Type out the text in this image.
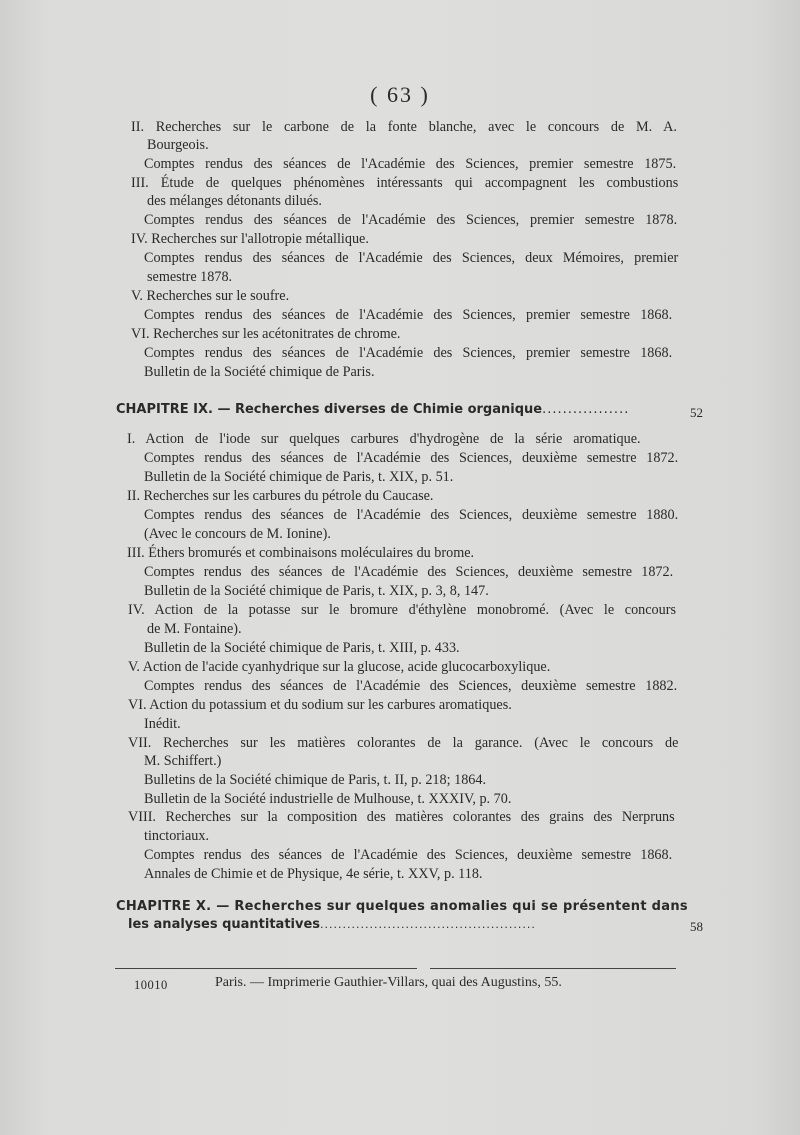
( 63 )
II. Recherches sur le carbone de la fonte blanche, avec le concours de M. A.
Bourgeois.
Comptes rendus des séances de l'Académie des Sciences, premier semestre 1875.
III. Étude de quelques phénomènes intéressants qui accompagnent les combustions
des mélanges détonants dilués.
Comptes rendus des séances de l'Académie des Sciences, premier semestre 1878.
IV. Recherches sur l'allotropie métallique.
Comptes rendus des séances de l'Académie des Sciences, deux Mémoires, premier
semestre 1878.
V. Recherches sur le soufre.
Comptes rendus des séances de l'Académie des Sciences, premier semestre 1868.
VI. Recherches sur les acétonitrates de chrome.
Comptes rendus des séances de l'Académie des Sciences, premier semestre 1868.
Bulletin de la Société chimique de Paris.
I. Action de l'iode sur quelques carbures d'hydrogène de la série aromatique.
Comptes rendus des séances de l'Académie des Sciences, deuxième semestre 1872.
Bulletin de la Société chimique de Paris, t. XIX, p. 51.
II. Recherches sur les carbures du pétrole du Caucase.
Comptes rendus des séances de l'Académie des Sciences, deuxième semestre 1880.
(Avec le concours de M. Ionine).
III. Éthers bromurés et combinaisons moléculaires du brome.
Comptes rendus des séances de l'Académie des Sciences, deuxième semestre 1872.
Bulletin de la Société chimique de Paris, t. XIX, p. 3, 8, 147.
IV. Action de la potasse sur le bromure d'éthylène monobromé. (Avec le concours
de M. Fontaine).
Bulletin de la Société chimique de Paris, t. XIII, p. 433.
V. Action de l'acide cyanhydrique sur la glucose, acide glucocarboxylique.
Comptes rendus des séances de l'Académie des Sciences, deuxième semestre 1882.
VI. Action du potassium et du sodium sur les carbures aromatiques.
Inédit.
VII. Recherches sur les matières colorantes de la garance. (Avec le concours de
M. Schiffert.)
Bulletins de la Société chimique de Paris, t. II, p. 218; 1864.
Bulletin de la Société industrielle de Mulhouse, t. XXXIV, p. 70.
VIII. Recherches sur la composition des matières colorantes des grains des Nerpruns
tinctoriaux.
Comptes rendus des séances de l'Académie des Sciences, deuxième semestre 1868.
Annales de Chimie et de Physique, 4e série, t. XXV, p. 118.
CHAPITRE IX. — Recherches diverses de Chimie organique.................	52
CHAPITRE X. — Recherches sur quelques anomalies qui se présentent dans
les analyses quantitatives................................................	58
10010	Paris. — Imprimerie Gauthier-Villars, quai des Augustins, 55.
